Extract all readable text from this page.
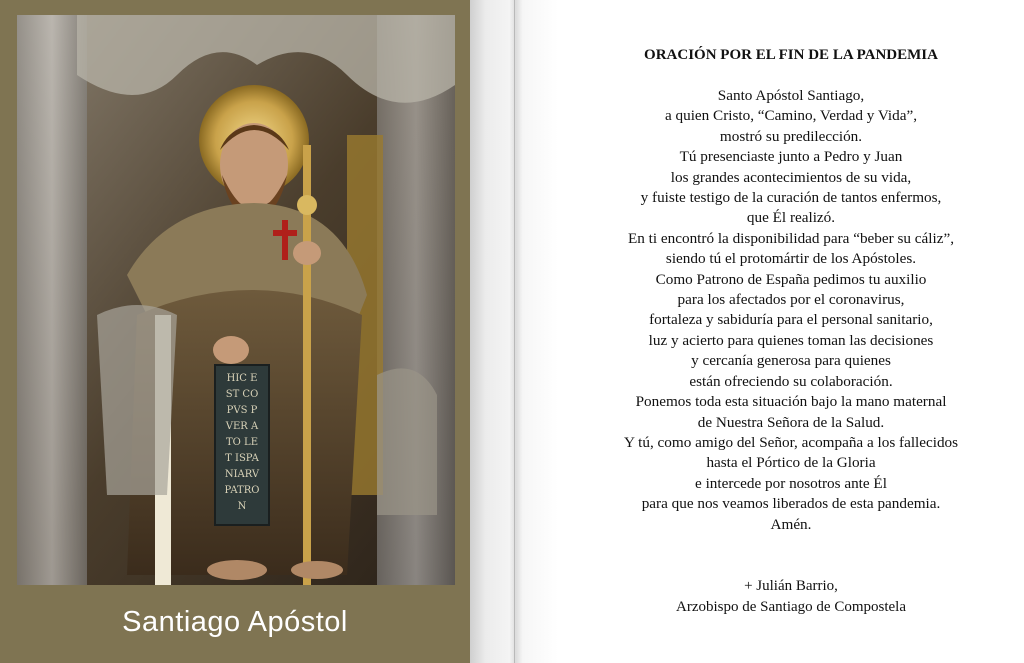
HIC E
ST CO
PVS P
VER A
TO LE
T ISPA
NIARV
PATRO
N
Santiago Apóstol
ORACIÓN POR EL FIN DE LA PANDEMIA
Santo Apóstol Santiago,
a quien Cristo, “Camino, Verdad y Vida”,
mostró su predilección.
Tú presenciaste junto a Pedro y Juan
los grandes acontecimientos de su vida,
y fuiste testigo de la curación de tantos enfermos,
que Él realizó.
En ti encontró la disponibilidad para “beber su cáliz”,
siendo tú el protomártir de los Apóstoles.
Como Patrono de España pedimos tu auxilio
para los afectados por el coronavirus,
fortaleza y sabiduría para el personal sanitario,
luz y acierto para quienes toman las decisiones
y cercanía generosa para quienes
están ofreciendo su colaboración.
Ponemos toda esta situación bajo la mano maternal
de Nuestra Señora de la Salud.
Y tú, como amigo del Señor, acompaña a los fallecidos
hasta el Pórtico de la Gloria
e intercede por nosotros ante Él
para que nos veamos liberados de esta pandemia.
Amén.
+ Julián Barrio,
Arzobispo de Santiago de Compostela
